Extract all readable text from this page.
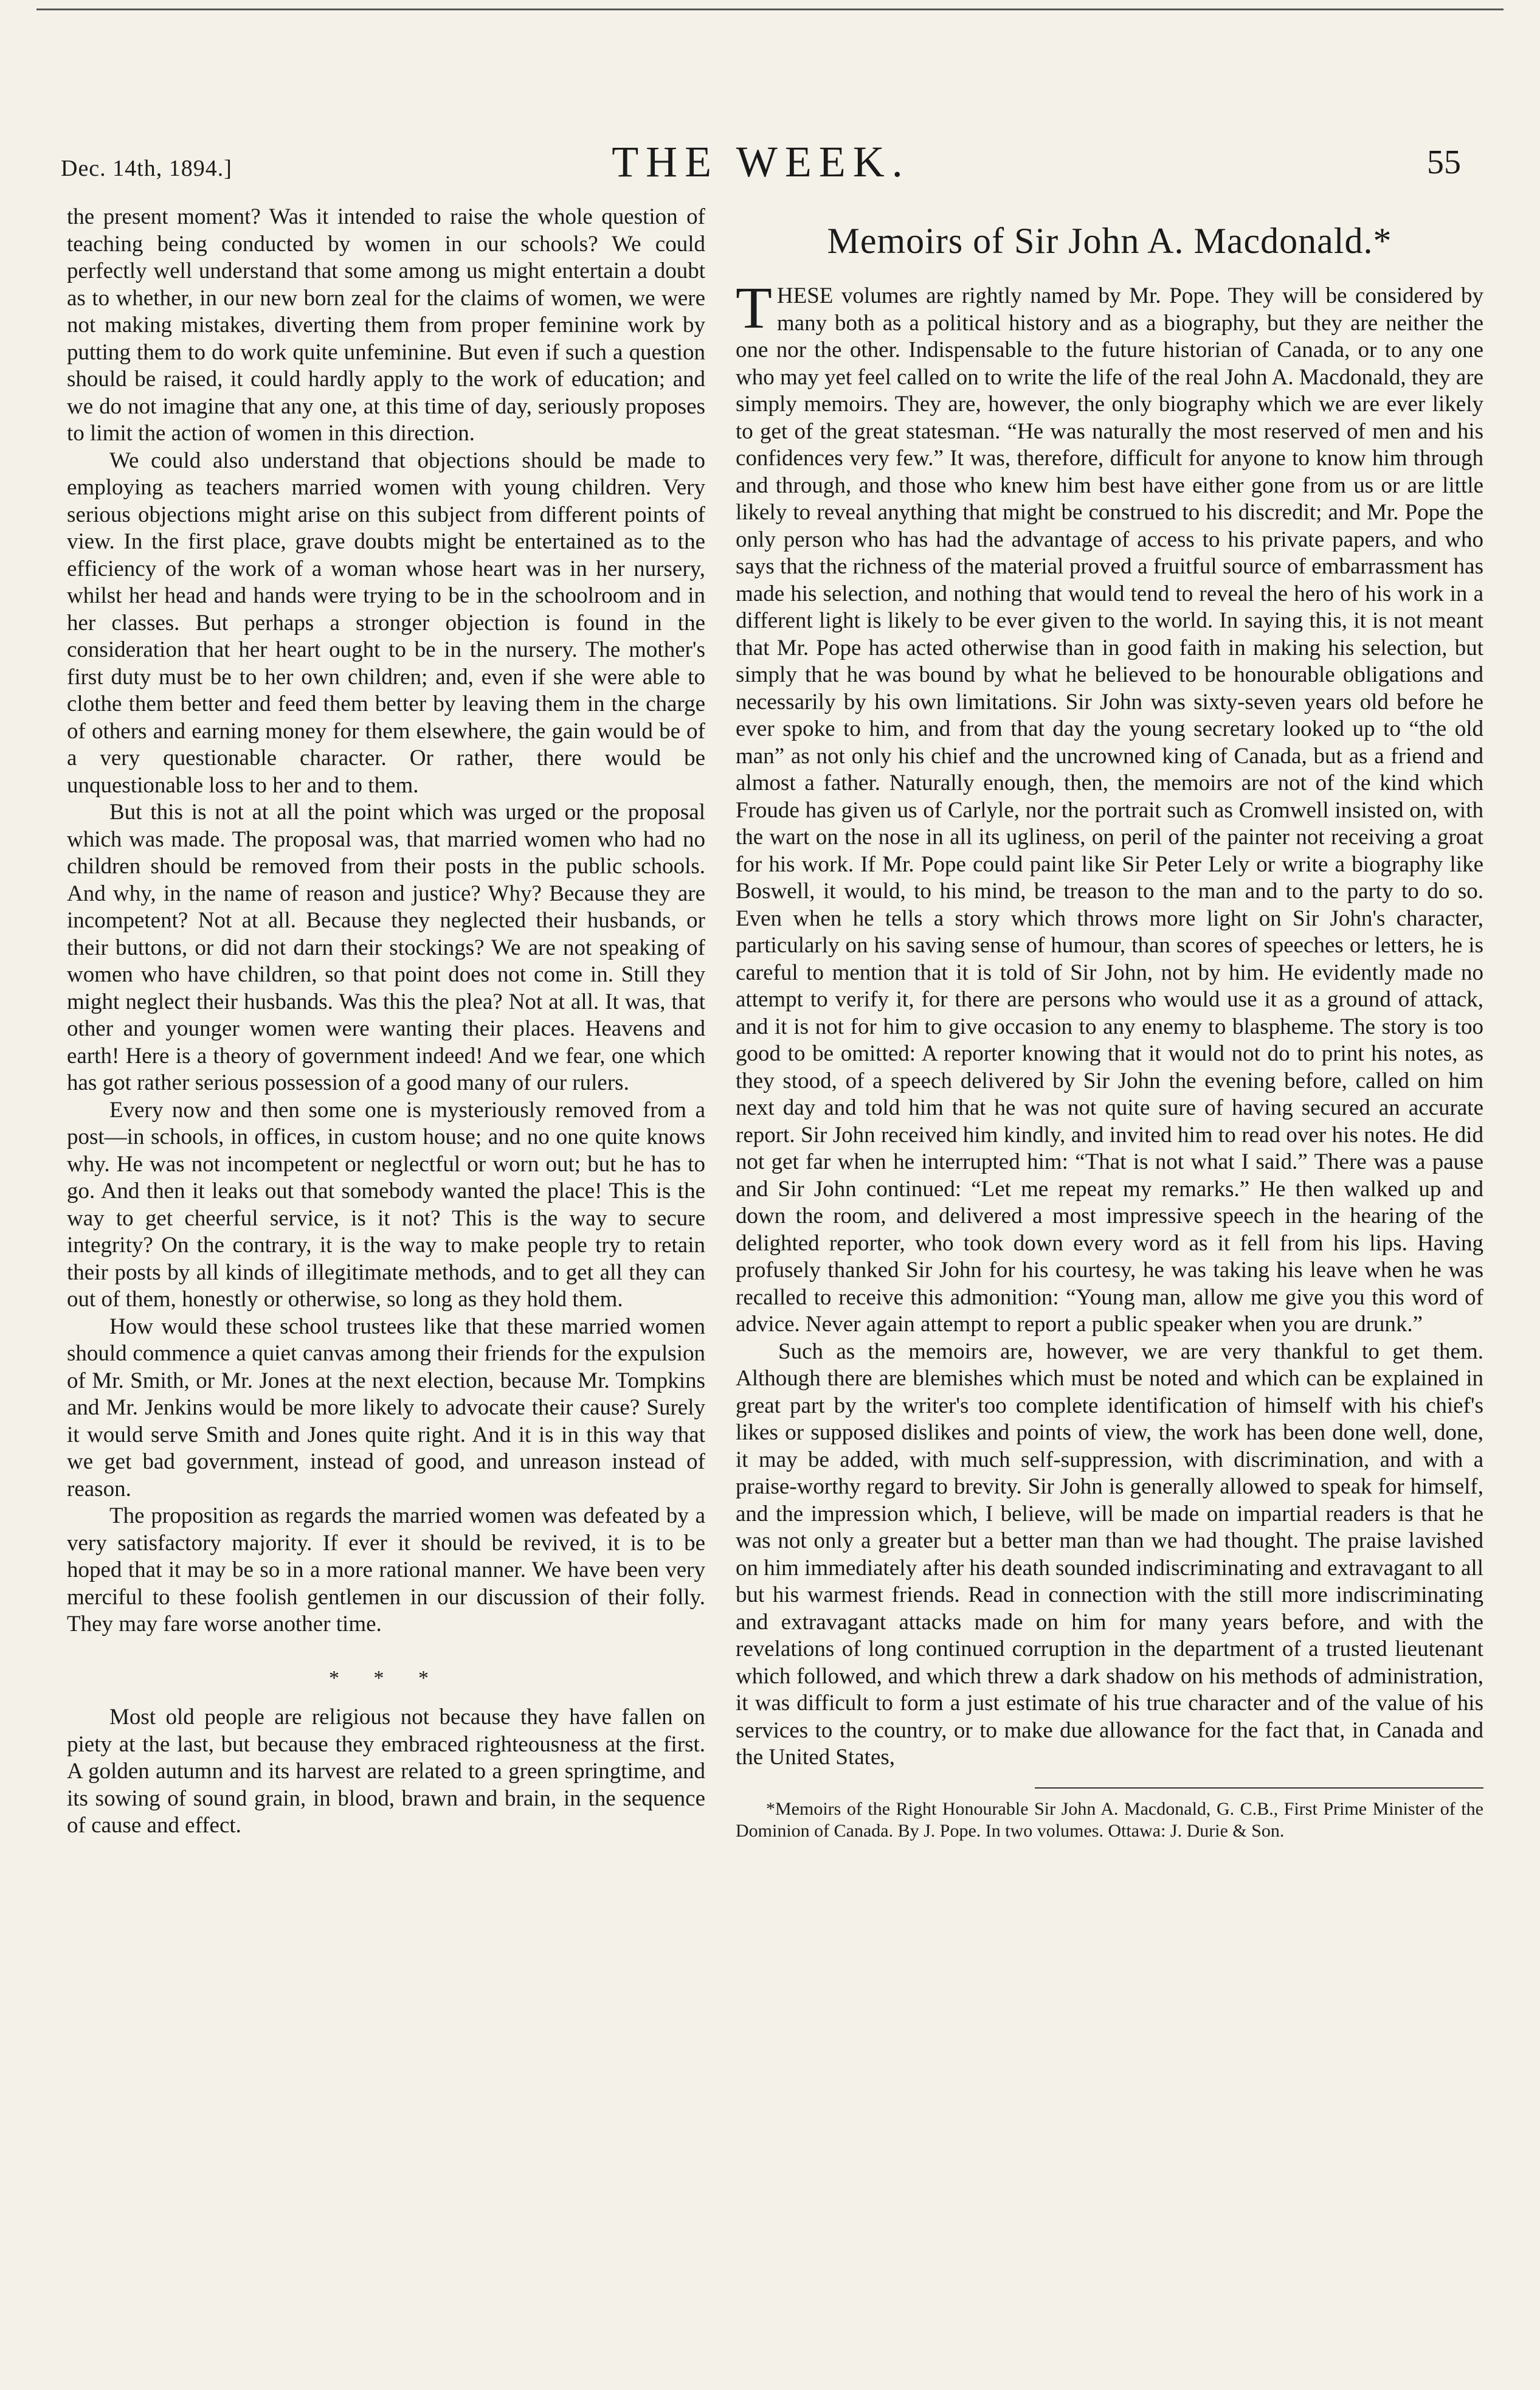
Dec. 14th, 1894.]	THE WEEK.	55

the present moment? Was it intended to raise the whole question of teaching being conducted by women in our schools? We could perfectly well understand that some among us might entertain a doubt as to whether, in our new born zeal for the claims of women, we were not making mistakes, diverting them from proper feminine work by putting them to do work quite unfeminine. But even if such a question should be raised, it could hardly apply to the work of education; and we do not imagine that any one, at this time of day, seriously proposes to limit the action of women in this direction.

We could also understand that objections should be made to employing as teachers married women with young children. Very serious objections might arise on this subject from different points of view. In the first place, grave doubts might be entertained as to the efficiency of the work of a woman whose heart was in her nursery, whilst her head and hands were trying to be in the schoolroom and in her classes. But perhaps a stronger objection is found in the consideration that her heart ought to be in the nursery. The mother's first duty must be to her own children; and, even if she were able to clothe them better and feed them better by leaving them in the charge of others and earning money for them elsewhere, the gain would be of a very questionable character. Or rather, there would be unquestionable loss to her and to them.

But this is not at all the point which was urged or the proposal which was made. The proposal was, that married women who had no children should be removed from their posts in the public schools. And why, in the name of reason and justice? Why? Because they are incompetent? Not at all. Because they neglected their husbands, or their buttons, or did not darn their stockings? We are not speaking of women who have children, so that point does not come in. Still they might neglect their husbands. Was this the plea? Not at all. It was, that other and younger women were wanting their places. Heavens and earth! Here is a theory of government indeed! And we fear, one which has got rather serious possession of a good many of our rulers.

Every now and then some one is mysteriously removed from a post—in schools, in offices, in custom house; and no one quite knows why. He was not incompetent or neglectful or worn out; but he has to go. And then it leaks out that somebody wanted the place! This is the way to get cheerful service, is it not? This is the way to secure integrity? On the contrary, it is the way to make people try to retain their posts by all kinds of illegitimate methods, and to get all they can out of them, honestly or otherwise, so long as they hold them.

How would these school trustees like that these married women should commence a quiet canvas among their friends for the expulsion of Mr. Smith, or Mr. Jones at the next election, because Mr. Tompkins and Mr. Jenkins would be more likely to advocate their cause? Surely it would serve Smith and Jones quite right. And it is in this way that we get bad government, instead of good, and unreason instead of reason.

The proposition as regards the married women was defeated by a very satisfactory majority. If ever it should be revived, it is to be hoped that it may be so in a more rational manner. We have been very merciful to these foolish gentlemen in our discussion of their folly. They may fare worse another time.

* * *

Most old people are religious not because they have fallen on piety at the last, but because they embraced righteousness at the first. A golden autumn and its harvest are related to a green springtime, and its sowing of sound grain, in blood, brawn and brain, in the sequence of cause and effect.

Memoirs of Sir John A. Macdonald.*

THESE volumes are rightly named by Mr. Pope. They will be considered by many both as a political history and as a biography, but they are neither the one nor the other. Indispensable to the future historian of Canada, or to any one who may yet feel called on to write the life of the real John A. Macdonald, they are simply memoirs. They are, however, the only biography which we are ever likely to get of the great statesman. “He was naturally the most reserved of men and his confidences very few.” It was, therefore, difficult for anyone to know him through and through, and those who knew him best have either gone from us or are little likely to reveal anything that might be construed to his discredit; and Mr. Pope the only person who has had the advantage of access to his private papers, and who says that the richness of the material proved a fruitful source of embarrassment has made his selection, and nothing that would tend to reveal the hero of his work in a different light is likely to be ever given to the world. In saying this, it is not meant that Mr. Pope has acted otherwise than in good faith in making his selection, but simply that he was bound by what he believed to be honourable obligations and necessarily by his own limitations. Sir John was sixty-seven years old before he ever spoke to him, and from that day the young secretary looked up to “the old man” as not only his chief and the uncrowned king of Canada, but as a friend and almost a father. Naturally enough, then, the memoirs are not of the kind which Froude has given us of Carlyle, nor the portrait such as Cromwell insisted on, with the wart on the nose in all its ugliness, on peril of the painter not receiving a groat for his work. If Mr. Pope could paint like Sir Peter Lely or write a biography like Boswell, it would, to his mind, be treason to the man and to the party to do so. Even when he tells a story which throws more light on Sir John's character, particularly on his saving sense of humour, than scores of speeches or letters, he is careful to mention that it is told of Sir John, not by him. He evidently made no attempt to verify it, for there are persons who would use it as a ground of attack, and it is not for him to give occasion to any enemy to blaspheme. The story is too good to be omitted: A reporter knowing that it would not do to print his notes, as they stood, of a speech delivered by Sir John the evening before, called on him next day and told him that he was not quite sure of having secured an accurate report. Sir John received him kindly, and invited him to read over his notes. He did not get far when he interrupted him: “That is not what I said.” There was a pause and Sir John continued: “Let me repeat my remarks.” He then walked up and down the room, and delivered a most impressive speech in the hearing of the delighted reporter, who took down every word as it fell from his lips. Having profusely thanked Sir John for his courtesy, he was taking his leave when he was recalled to receive this admonition: “Young man, allow me give you this word of advice. Never again attempt to report a public speaker when you are drunk.”

Such as the memoirs are, however, we are very thankful to get them. Although there are blemishes which must be noted and which can be explained in great part by the writer's too complete identification of himself with his chief's likes or supposed dislikes and points of view, the work has been done well, done, it may be added, with much self-suppression, with discrimination, and with a praise-worthy regard to brevity. Sir John is generally allowed to speak for himself, and the impression which, I believe, will be made on impartial readers is that he was not only a greater but a better man than we had thought. The praise lavished on him immediately after his death sounded indiscriminating and extravagant to all but his warmest friends. Read in connection with the still more indiscriminating and extravagant attacks made on him for many years before, and with the revelations of long continued corruption in the department of a trusted lieutenant which followed, and which threw a dark shadow on his methods of administration, it was difficult to form a just estimate of his true character and of the value of his services to the country, or to make due allowance for the fact that, in Canada and the United States,

*Memoirs of the Right Honourable Sir John A. Macdonald, G. C.B., First Prime Minister of the Dominion of Canada. By J. Pope. In two volumes. Ottawa: J. Durie & Son.
